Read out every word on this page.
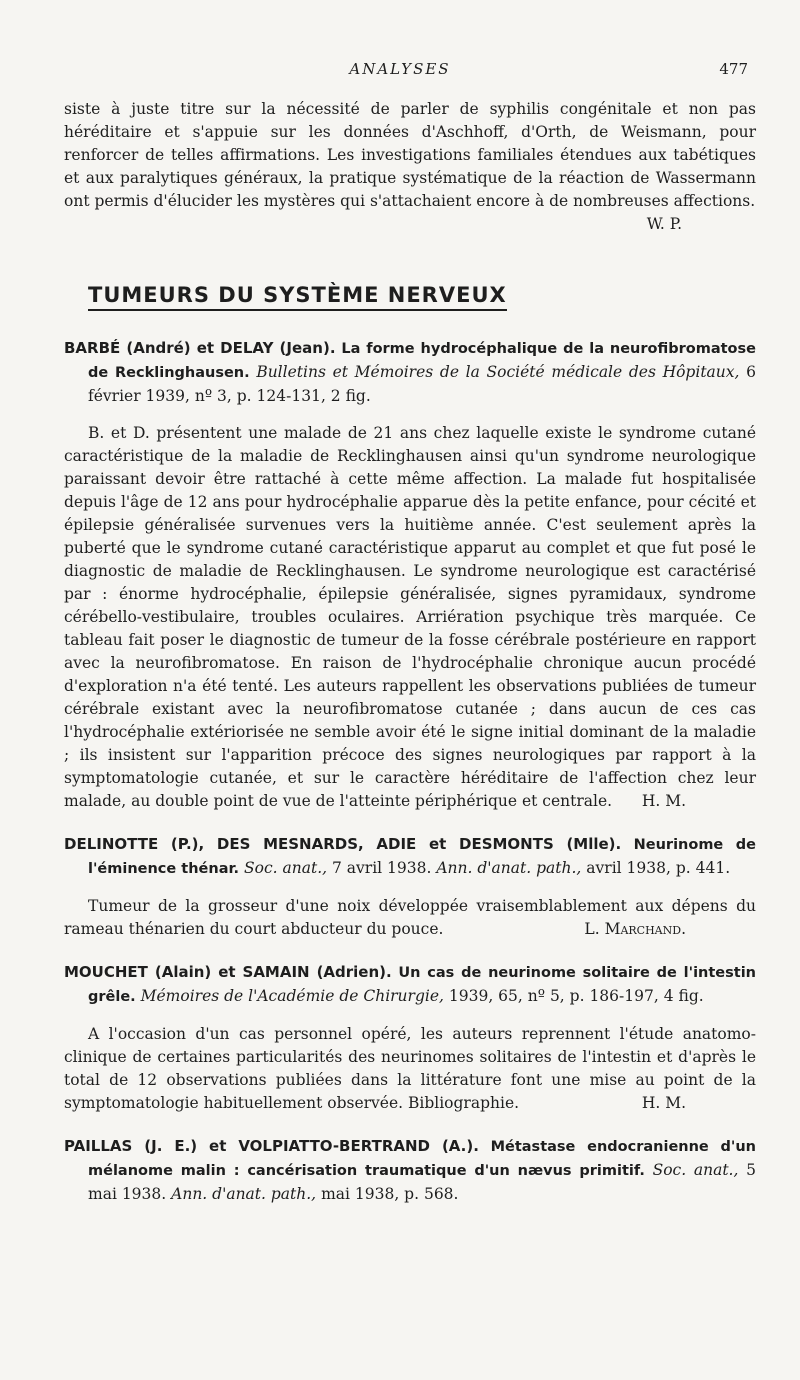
ANALYSES	477

siste à juste titre sur la nécessité de parler de syphilis congénitale et non pas héréditaire et s'appuie sur les données d'Aschhoff, d'Orth, de Weismann, pour renforcer de telles affirmations. Les investigations familiales étendues aux tabétiques et aux paralytiques généraux, la pratique systématique de la réaction de Wassermann ont permis d'élucider les mystères qui s'attachaient encore à de nombreuses affections.

W. P.

TUMEURS DU SYSTÈME NERVEUX

BARBÉ (André) et DELAY (Jean). La forme hydrocéphalique de la neurofibromatose de Recklinghausen. Bulletins et Mémoires de la Société médicale des Hôpitaux, 6 février 1939, nº 3, p. 124-131, 2 fig.

B. et D. présentent une malade de 21 ans chez laquelle existe le syndrome cutané caractéristique de la maladie de Recklinghausen ainsi qu'un syndrome neurologique paraissant devoir être rattaché à cette même affection. La malade fut hospitalisée depuis l'âge de 12 ans pour hydrocéphalie apparue dès la petite enfance, pour cécité et épilepsie généralisée survenues vers la huitième année. C'est seulement après la puberté que le syndrome cutané caractéristique apparut au complet et que fut posé le diagnostic de maladie de Recklinghausen. Le syndrome neurologique est caractérisé par : énorme hydrocéphalie, épilepsie généralisée, signes pyramidaux, syndrome cérébello-vestibulaire, troubles oculaires. Arriération psychique très marquée. Ce tableau fait poser le diagnostic de tumeur de la fosse cérébrale postérieure en rapport avec la neurofibromatose. En raison de l'hydrocéphalie chronique aucun procédé d'exploration n'a été tenté. Les auteurs rappellent les observations publiées de tumeur cérébrale existant avec la neurofibromatose cutanée ; dans aucun de ces cas l'hydrocéphalie extériorisée ne semble avoir été le signe initial dominant de la maladie ; ils insistent sur l'apparition précoce des signes neurologiques par rapport à la symptomatologie cutanée, et sur le caractère héréditaire de l'affection chez leur malade, au double point de vue de l'atteinte périphérique et centrale.	H. M.

DELINOTTE (P.), DES MESNARDS, ADIE et DESMONTS (Mlle). Neurinome de l'éminence thénar. Soc. anat., 7 avril 1938. Ann. d'anat. path., avril 1938, p. 441.

Tumeur de la grosseur d'une noix développée vraisemblablement aux dépens du rameau thénarien du court abducteur du pouce.	L. Marchand.

MOUCHET (Alain) et SAMAIN (Adrien). Un cas de neurinome solitaire de l'intestin grêle. Mémoires de l'Académie de Chirurgie, 1939, 65, nº 5, p. 186-197, 4 fig.

A l'occasion d'un cas personnel opéré, les auteurs reprennent l'étude anatomo-clinique de certaines particularités des neurinomes solitaires de l'intestin et d'après le total de 12 observations publiées dans la littérature font une mise au point de la symptomatologie habituellement observée. Bibliographie.	H. M.

PAILLAS (J. E.) et VOLPIATTO-BERTRAND (A.). Métastase endocranienne d'un mélanome malin : cancérisation traumatique d'un nævus primitif. Soc. anat., 5 mai 1938. Ann. d'anat. path., mai 1938, p. 568.
